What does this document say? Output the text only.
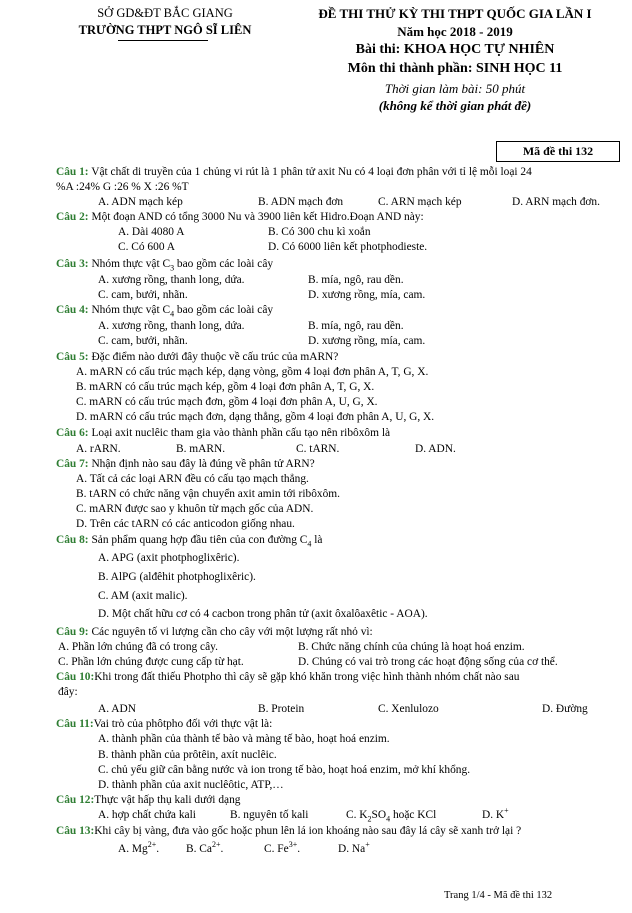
SỞ GD&ĐT BẮC GIANG
TRƯỜNG THPT NGÔ SĨ LIÊN
ĐỀ THI THỬ KỲ THI THPT QUỐC GIA LẦN I
Năm học 2018 - 2019
Bài thi: KHOA HỌC TỰ NHIÊN
Môn thi thành phần: SINH HỌC 11
Thời gian làm bài: 50 phút
(không kể thời gian phát đề)
Mã đề thi 132
Câu 1: Vật chất di truyền của 1 chủng vi rút là 1 phân tử axit Nu có 4 loại đơn phân với tỉ lệ mỗi loại 24
%A :24% G :26 % X :26 %T
A. ADN mạch kép	B. ADN mạch đơn	C. ARN mạch kép	D. ARN mạch đơn.
Câu 2: Một đoạn AND có tổng 3000 Nu và 3900 liên kết Hidro.Đoạn AND này:
A. Dài 4080 A	B. Có 300 chu kì xoắn
C. Có 600 A	D. Có 6000 liên kết photphodieste.
Câu 3: Nhóm thực vật $C_3$ bao gồm các loài cây
A. xương rồng, thanh long, dứa.	B. mía, ngô, rau dền.
C. cam, bưởi, nhãn.	D. xương rồng, mía, cam.
Câu 4: Nhóm thực vật $C_4$ bao gồm các loài cây
A. xương rồng, thanh long, dứa.	B. mía, ngô, rau dền.
C. cam, bưởi, nhãn.	D. xương rồng, mía, cam.
Câu 5: Đặc điểm nào dưới đây thuộc về cấu trúc của mARN?
A. mARN có cấu trúc mạch kép, dạng vòng, gồm 4 loại đơn phân A, T, G, X.
B. mARN có cấu trúc mạch kép, gồm 4 loại đơn phân A, T, G, X.
C. mARN có cấu trúc mạch đơn, gồm 4 loại đơn phân A, U, G, X.
D. mARN có cấu trúc mạch đơn, dạng thẳng, gồm 4 loại đơn phân A, U, G, X.
Câu 6: Loại axit nuclêic tham gia vào thành phần cấu tạo nên ribôxôm là
A. rARN.	B. mARN.	C. tARN.	D. ADN.
Câu 7: Nhận định nào sau đây là đúng về phân tử ARN?
A. Tất cả các loại ARN đều có cấu tạo mạch thẳng.
B. tARN có chức năng vận chuyển axit amin tới ribôxôm.
C. mARN được sao y khuôn từ mạch gốc của ADN.
D. Trên các tARN có các anticodon giống nhau.
Câu 8: Sản phẩm quang hợp đầu tiên của con đường $C_4$ là
A. APG (axit photphoglixêric).
B. AlPG (alđêhit photphoglixêric).
C. AM (axit malic).
D. Một chất hữu cơ có 4 cacbon trong phân tử (axit ôxalôaxêtic - AOA).
Câu 9: Các nguyên tố vi lượng cần cho cây với một lượng rất nhỏ vì:
A. Phần lớn chúng đã có trong cây.	B. Chức năng chính của chúng là hoạt hoá enzim.
C. Phần lớn chúng được cung cấp từ hạt.	D. Chúng có vai trò trong các hoạt động sống của cơ thể.
Câu 10:Khi trong đất thiếu Photpho thì cây sẽ gặp khó khăn trong việc hình thành nhóm chất nào sau
đây:
A. ADN	B. Protein	C. Xenlulozo	D. Đường
Câu 11:Vai trò của phôtpho đối với thực vật là:
A. thành phần của thành tế bào và màng tế bào, hoạt hoá enzim.
B. thành phần của prôtêin, axít nuclêic.
C. chủ yếu giữ cân bằng nước và ion trong tế bào, hoạt hoá enzim, mở khí khổng.
D. thành phần của axit nuclêôtic, ATP,…
Câu 12:Thực vật hấp thụ kali dưới dạng
A. hợp chất chứa kali	B. nguyên tố kali	C. $K_2SO_4$ hoặc KCl	D. K+
Câu 13:Khi cây bị vàng, đưa vào gốc hoặc phun lên lá ion khoáng nào sau đây lá cây sẽ xanh trở lại ?
A. $Mg^{2+}$. B. $Ca^{2+}$.	C. $Fe^{3+}$.	D. Na+
Trang 1/4 - Mã đề thi 132
